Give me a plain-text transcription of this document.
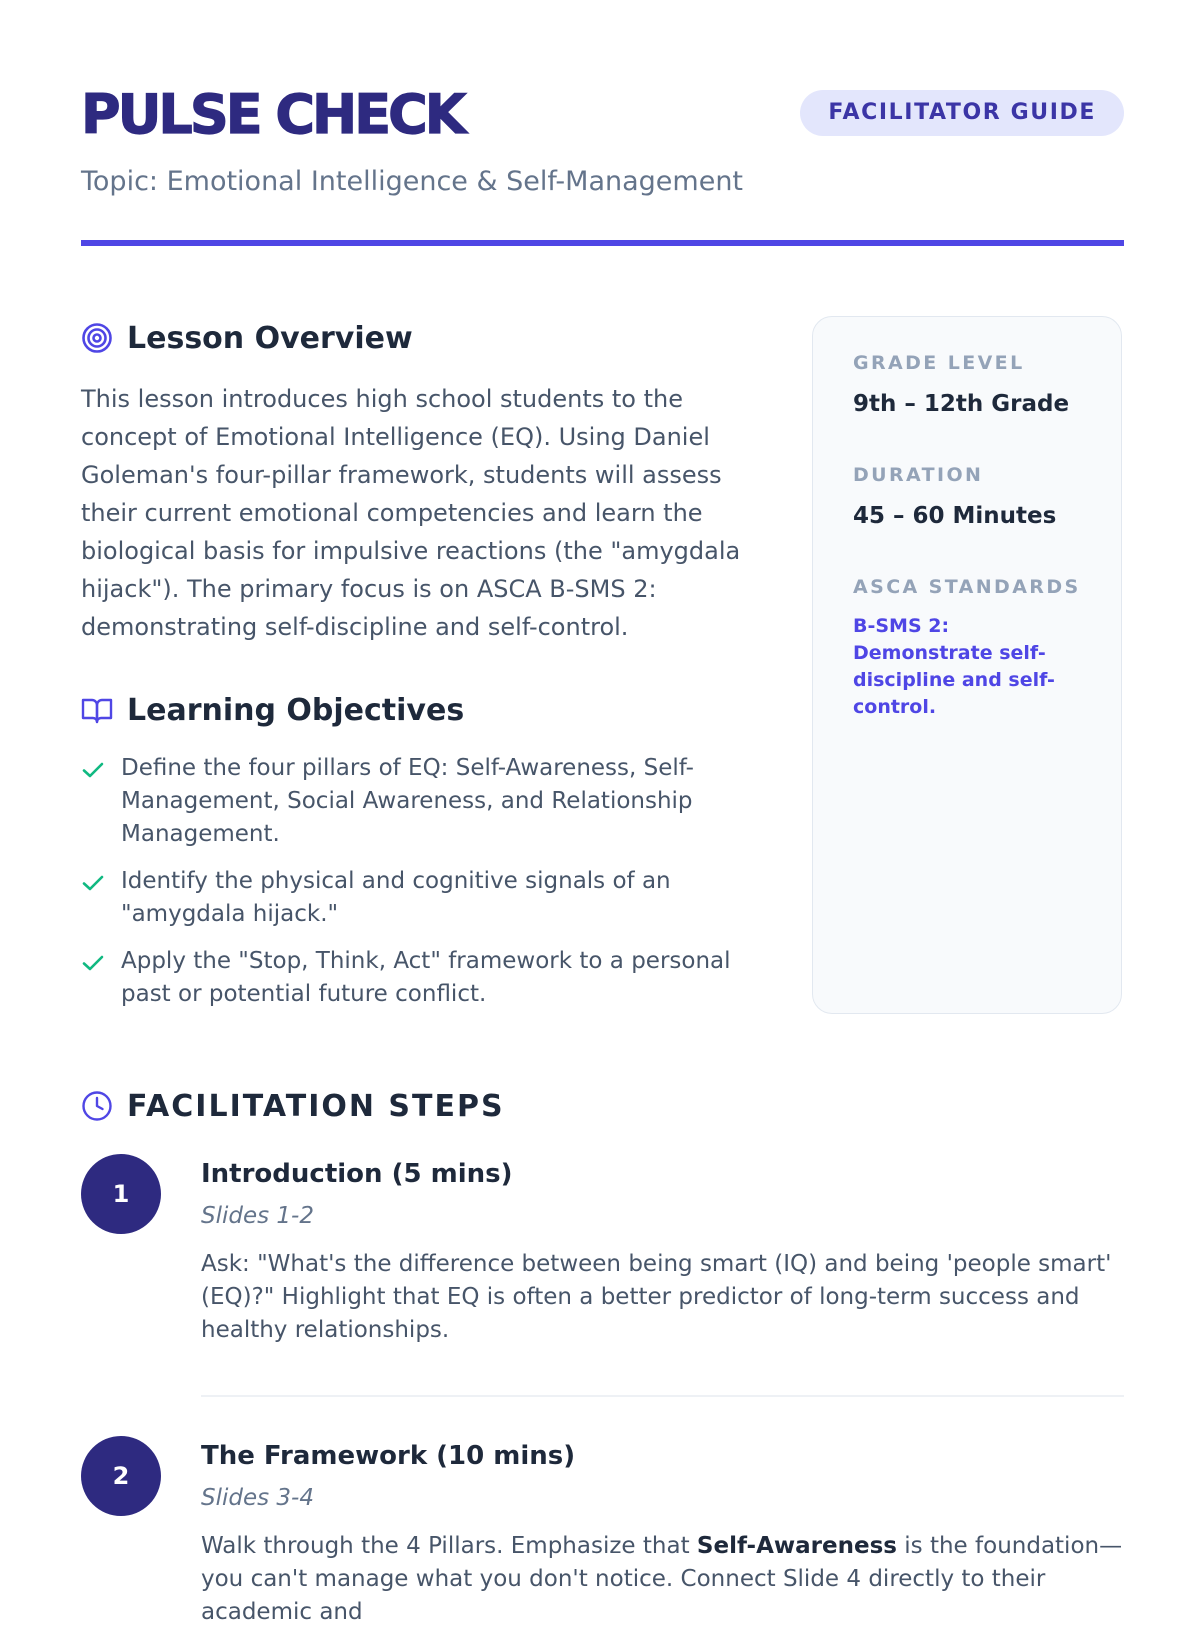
PULSE CHECK	FACILITATOR GUIDE
Topic: Emotional Intelligence & Self-Management
Lesson Overview

This lesson introduces high school students to the concept of Emotional Intelligence (EQ). Using Daniel Goleman's four-pillar framework, students will assess their current emotional competencies and learn the biological basis for impulsive reactions (the "amygdala hijack"). The primary focus is on ASCA B-SMS 2: demonstrating self-discipline and self-control.

Learning Objectives
Define the four pillars of EQ: Self-Awareness, Self-Management, Social Awareness, and Relationship Management.
Identify the physical and cognitive signals of an "amygdala hijack."
Apply the "Stop, Think, Act" framework to a personal past or potential future conflict.

GRADE LEVEL

9th – 12th Grade

DURATION

45 – 60 Minutes

ASCA STANDARDS

B-SMS 2: Demonstrate self-discipline and self-control.

FACILITATION STEPS
1

Introduction (5 mins)

Slides 1-2

Ask: "What's the difference between being smart (IQ) and being 'people smart' (EQ)?" Highlight that EQ is often a better predictor of long-term success and healthy relationships.

2

The Framework (10 mins)

Slides 3-4

Walk through the 4 Pillars. Emphasize that Self-Awareness is the foundation—you can't manage what you don't notice. Connect Slide 4 directly to their academic and
